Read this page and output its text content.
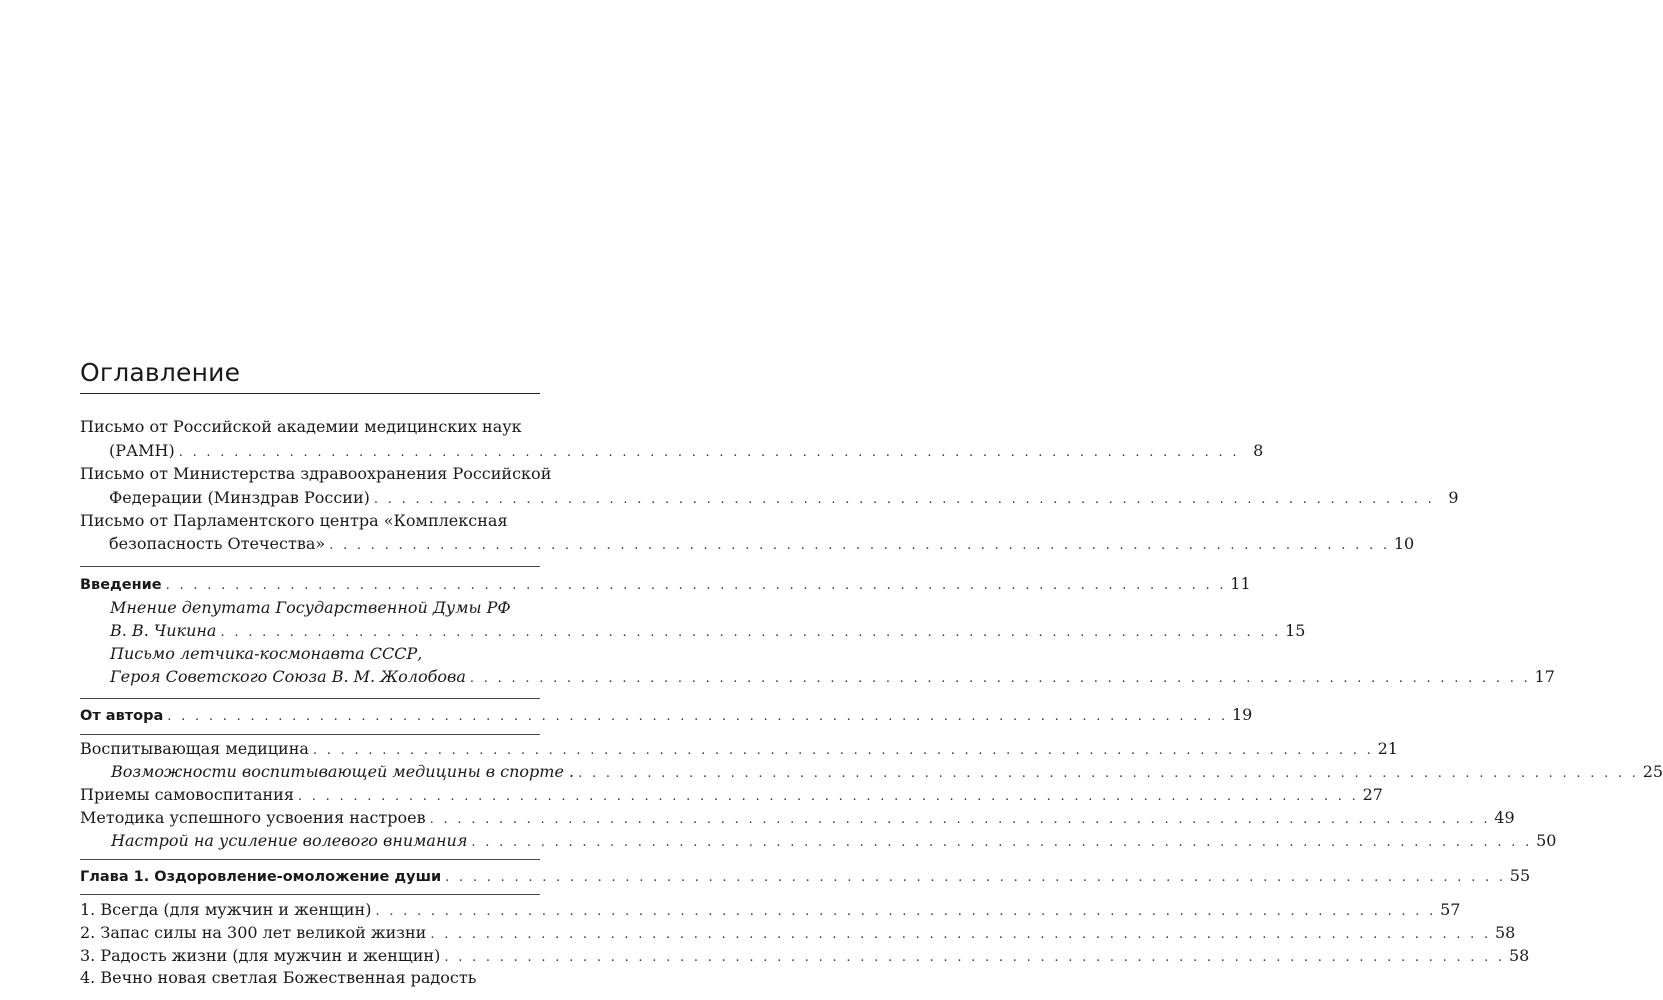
Оглавление
Письмо от Российской академии медицинских наук
(РАМН) . . .	8
Письмо от Министерства здравоохранения Российской
Федерации (Минздрав России) . . .	9
Письмо от Парламентского центра «Комплексная
безопасность Отечества» . . .	10
Введение . . .	11
Мнение депутата Государственной Думы РФ
В. В. Чикина . . .	15
Письмо летчика-космонавта СССР,
Героя Советского Союза В. М. Жолобова . . .	17
От автора . . .	19
Воспитывающая медицина . . .	21
Возможности воспитывающей медицины в спорте . . . .	25
Приемы самовоспитания . . .	27
Методика успешного усвоения настроев . . .	49
Настрой на усиление волевого внимания . . .	50
Глава 1. Оздоровление-омоложение души . . .	55
1. Всегда (для мужчин и женщин) . . .	57
2. Запас силы на 300 лет великой жизни . . .	58
3. Радость жизни (для мужчин и женщин) . . .	58
4. Вечно новая светлая Божественная радость
